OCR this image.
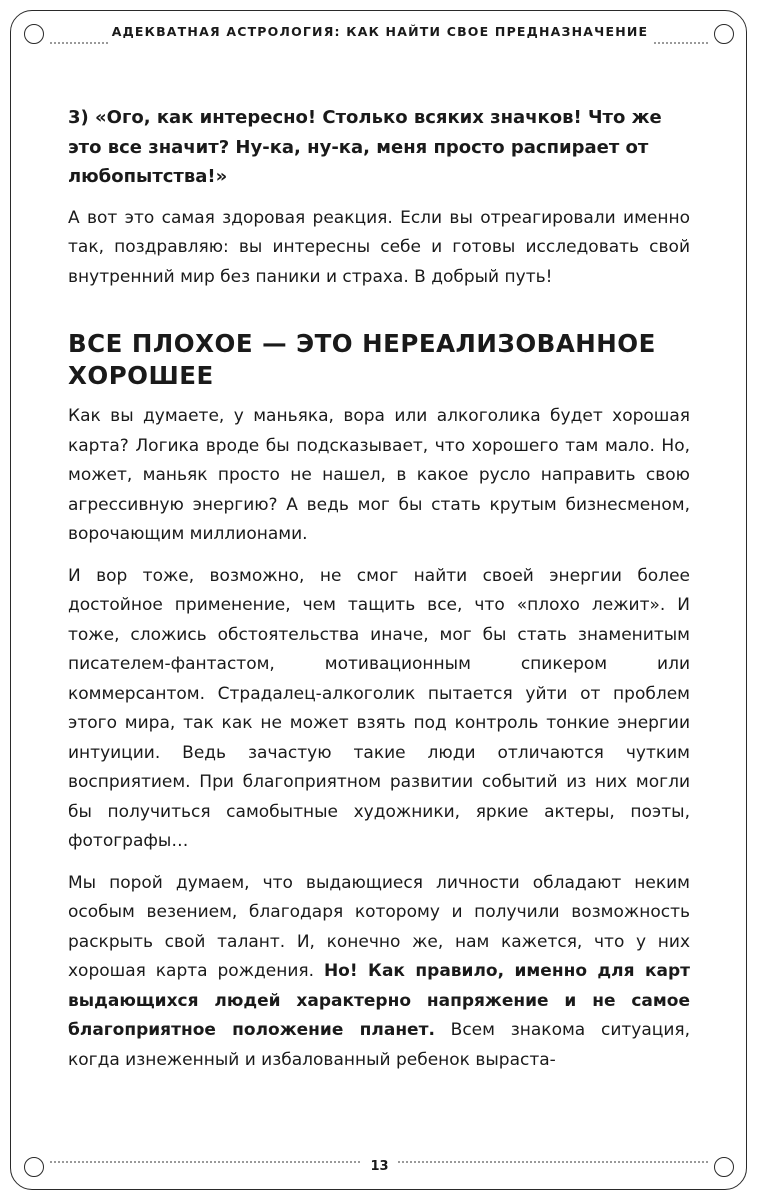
АДЕКВАТНАЯ АСТРОЛОГИЯ: КАК НАЙТИ СВОЕ ПРЕДНАЗНАЧЕНИЕ

3) «Ого, как интересно! Столько всяких значков! Что же это все значит? Ну-ка, ну-ка, меня просто распирает от любопытства!»

А вот это самая здоровая реакция. Если вы отреагировали именно так, поздравляю: вы интересны себе и готовы исследовать свой внутренний мир без паники и страха. В добрый путь!

ВСЕ ПЛОХОЕ — ЭТО НЕРЕАЛИЗОВАННОЕ ХОРОШЕЕ

Как вы думаете, у маньяка, вора или алкоголика будет хорошая карта? Логика вроде бы подсказывает, что хорошего там мало. Но, может, маньяк просто не нашел, в какое русло направить свою агрессивную энергию? А ведь мог бы стать крутым бизнесменом, ворочающим миллионами.

И вор тоже, возможно, не смог найти своей энергии более достойное применение, чем тащить все, что «плохо лежит». И тоже, сложись обстоятельства иначе, мог бы стать знаменитым писателем-фантастом, мотивационным спикером или коммерсантом. Страдалец-алкоголик пытается уйти от проблем этого мира, так как не может взять под контроль тонкие энергии интуиции. Ведь зачастую такие люди отличаются чутким восприятием. При благоприятном развитии событий из них могли бы получиться самобытные художники, яркие актеры, поэты, фотографы…

Мы порой думаем, что выдающиеся личности обладают неким особым везением, благодаря которому и получили возможность раскрыть свой талант. И, конечно же, нам кажется, что у них хорошая карта рождения. Но! Как правило, именно для карт выдающихся людей характерно напряжение и не самое благоприятное положение планет. Всем знакома ситуация, когда изнеженный и избалованный ребенок выраста-

13
